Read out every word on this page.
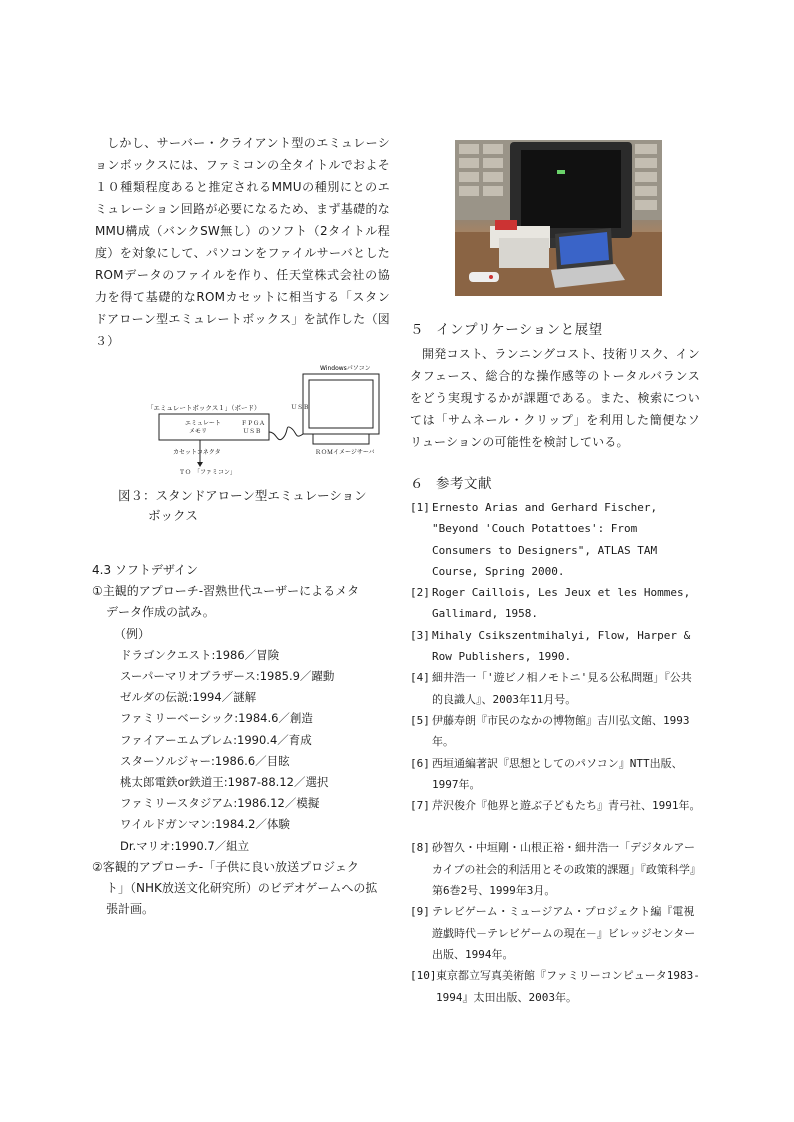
しかし、サーバー・クライアント型のエミュレーションボックスには、ファミコンの全タイトルでおよそ１０種類程度あると推定されるMMUの種別にとのエミュレーション回路が必要になるため、まず基礎的なMMU構成（バンクSW無し）のソフト（2タイトル程度）を対象にして、パソコンをファイルサーバとしたROMデータのファイルを作り、任天堂株式会社の協力を得て基礎的なROMカセットに相当する「スタンドアローン型エミュレートボックス」を試作した（図３）

Windowsパソコン
ＲＯＭイメージサーバ
「エミュレートボックス１」（ボード）
エミュレート
メモリ
ＦＰＧＡ
ＵＳＢ
ＵＳＢ
カセットコネクタ
ＴＯ　「ファミコン」

図３：スタンドアローン型エミュレーション

ボックス

4.3 ソフトデザイン

①主観的アプローチ-習熟世代ユーザーによるメタ

データ作成の試み。

（例）

ドラゴンクエスト:1986／冒険

スーパーマリオブラザース:1985.9／躍動

ゼルダの伝説:1994／謎解

ファミリーベーシック:1984.6／創造

ファイアーエムブレム:1990.4／育成

スターソルジャー:1986.6／目眩

桃太郎電鉄or鉄道王:1987-88.12／選択

ファミリースタジアム:1986.12／模擬

ワイルドガンマン:1984.2／体験

Dr.マリオ:1990.7／組立

②客観的アプローチ-「子供に良い放送プロジェク

ト」（NHK放送文化研究所）のビデオゲームへの拡

張計画。

５ インプリケーションと展望

開発コスト、ランニングコスト、技術リスク、インタフェース、総合的な操作感等のトータルバランスをどう実現するかが課題である。また、検索については「サムネール・クリップ」を利用した簡便なソリューションの可能性を検討している。

６ 参考文献

[1] Ernesto Arias and Gerhard Fischer, "Beyond 'Couch Potattoes': From Consumers to Designers", ATLAS TAM Course, Spring 2000.
[2] Roger Caillois, Les Jeux et les Hommes, Gallimard, 1958.
[3] Mihaly Csikszentmihalyi, Flow, Harper & Row Publishers, 1990.
[4] 細井浩一「'遊ビノ相ノモトニ'見る公私問題」『公共的良識人』、2003年11月号。
[5] 伊藤寿朗『市民のなかの博物館』吉川弘文館、1993年。
[6] 西垣通編著訳『思想としてのパソコン』NTT出版、1997年。
[7] 芹沢俊介『他界と遊ぶ子どもたち』青弓社、1991年。
[8] 砂智久・中垣剛・山根正裕・細井浩一「デジタルアーカイブの社会的利活用とその政策的課題」『政策科学』第6巻2号、1999年3月。
[9] テレビゲーム・ミュージアム・プロジェクト編『電視遊戯時代－テレビゲームの現在－』ビレッジセンター出版、1994年。
[10] 東京都立写真美術館『ファミリーコンピュータ1983-1994』太田出版、2003年。
